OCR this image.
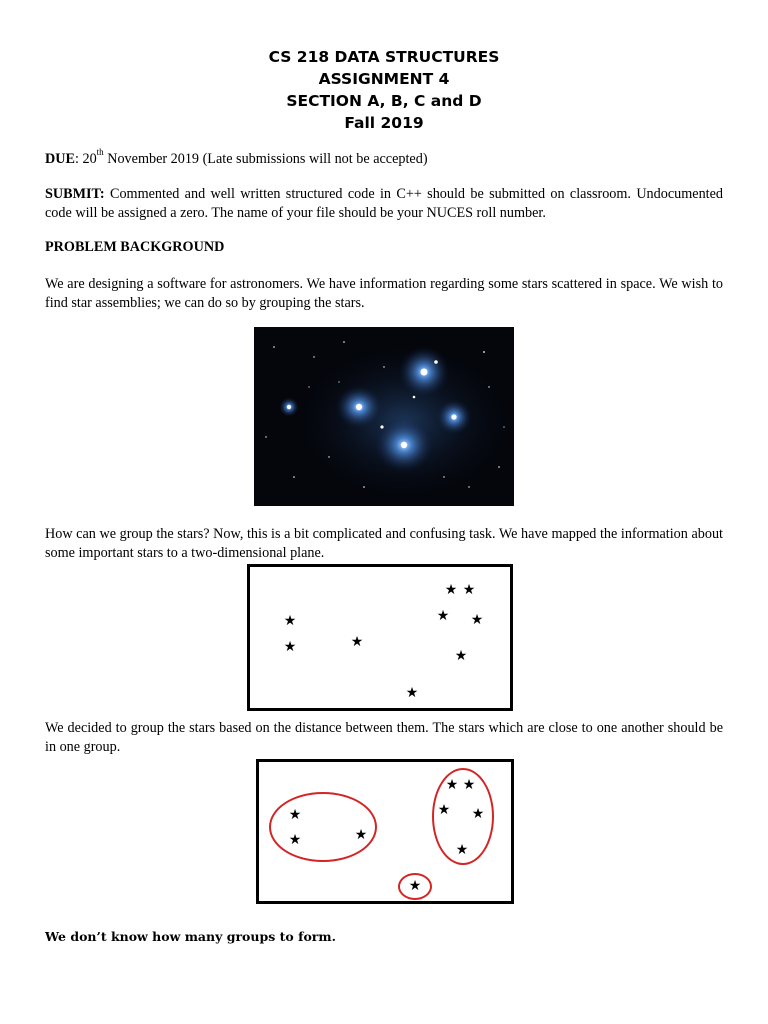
CS 218 DATA STRUCTURES
ASSIGNMENT 4
SECTION A, B, C and D
Fall 2019
DUE: 20th November 2019 (Late submissions will not be accepted)
SUBMIT: Commented and well written structured code in C++ should be submitted on classroom. Undocumented code will be assigned a zero. The name of your file should be your NUCES roll number.
PROBLEM BACKGROUND
We are designing a software for astronomers. We have information regarding some stars scattered in space. We wish to find star assemblies; we can do so by grouping the stars.
How can we group the stars? Now, this is a bit complicated and confusing task. We have mapped the information about some important stars to a two-dimensional plane.
★
★	★
★ ★
★ ★
★
★
We decided to group the stars based on the distance between them. The stars which are close to one another should be in one group.
★
★	★
★ ★
★ ★
★
★
We don’t know how many groups to form.
